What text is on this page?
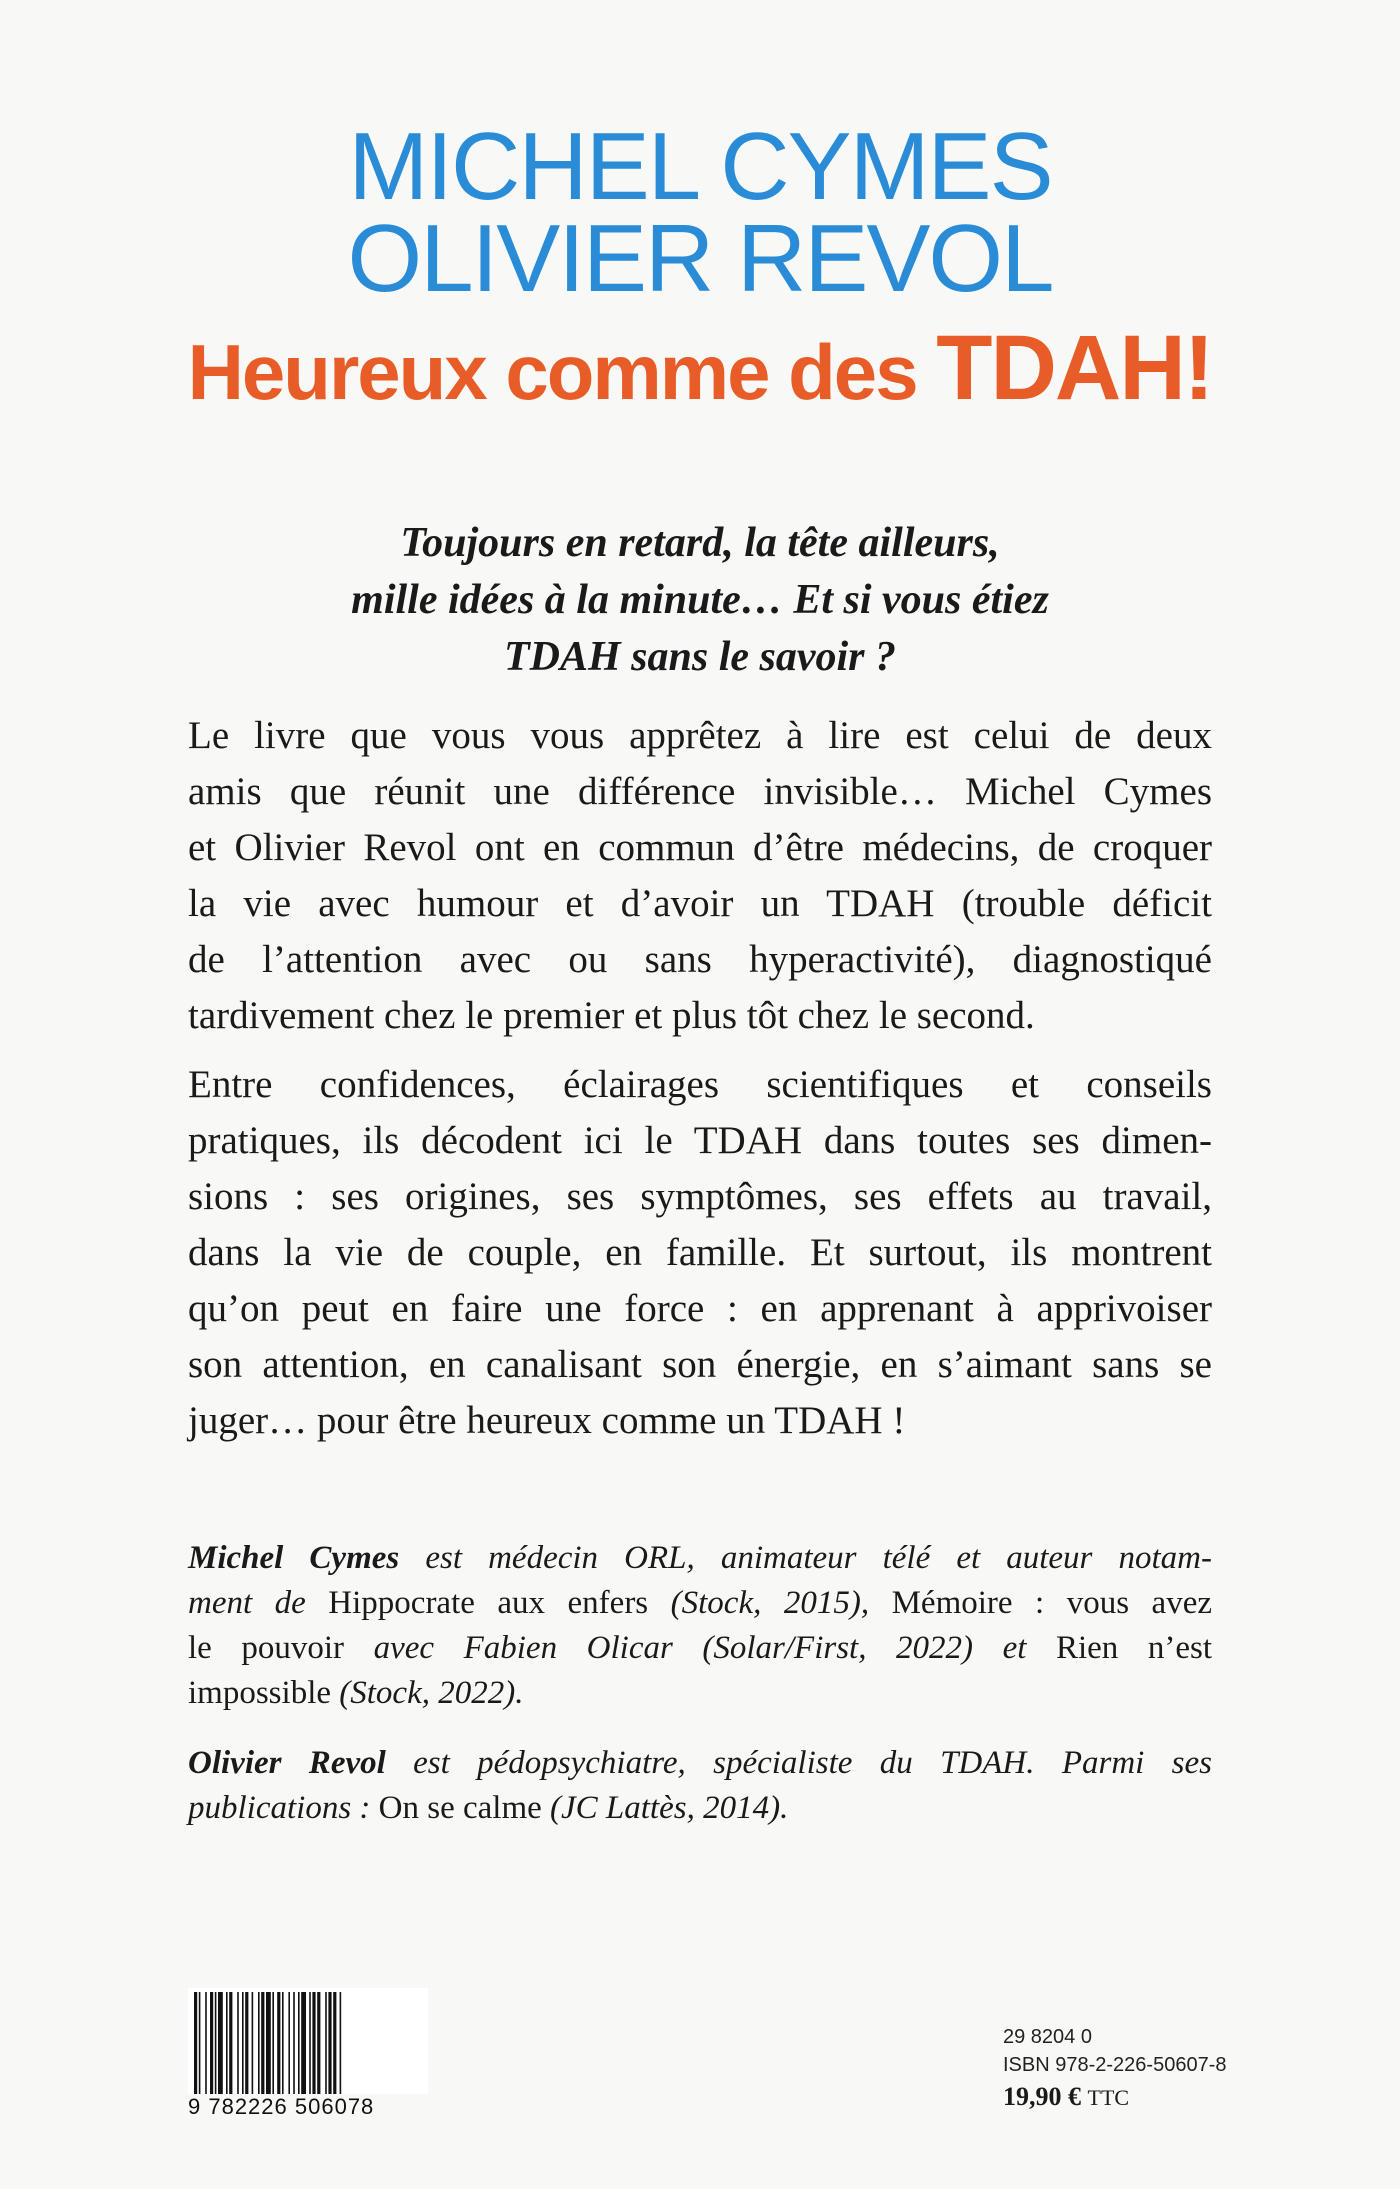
MICHEL CYMES
OLIVIER REVOL
Heureux comme des TDAH!
Toujours en retard, la tête ailleurs,
mille idées à la minute… Et si vous étiez
TDAH sans le savoir ?
Le livre que vous vous apprêtez à lire est celui de deux
amis que réunit une différence invisible… Michel Cymes
et Olivier Revol ont en commun d’être médecins, de croquer
la vie avec humour et d’avoir un TDAH (trouble déficit
de l’attention avec ou sans hyperactivité), diagnostiqué
tardivement chez le premier et plus tôt chez le second.
Entre confidences, éclairages scientifiques et conseils
pratiques, ils décodent ici le TDAH dans toutes ses dimen-
sions : ses origines, ses symptômes, ses effets au travail,
dans la vie de couple, en famille. Et surtout, ils montrent
qu’on peut en faire une force : en apprenant à apprivoiser
son attention, en canalisant son énergie, en s’aimant sans se
juger… pour être heureux comme un TDAH !
Michel Cymes est médecin ORL, animateur télé et auteur notam-
ment de Hippocrate aux enfers (Stock, 2015), Mémoire : vous avez
le pouvoir avec Fabien Olicar (Solar/First, 2022) et Rien n’est
impossible (Stock, 2022).
Olivier Revol est pédopsychiatre, spécialiste du TDAH. Parmi ses
publications : On se calme (JC Lattès, 2014).
9 782226 506078
29 8204 0
ISBN 978-2-226-50607-8
19,90 € TTC
